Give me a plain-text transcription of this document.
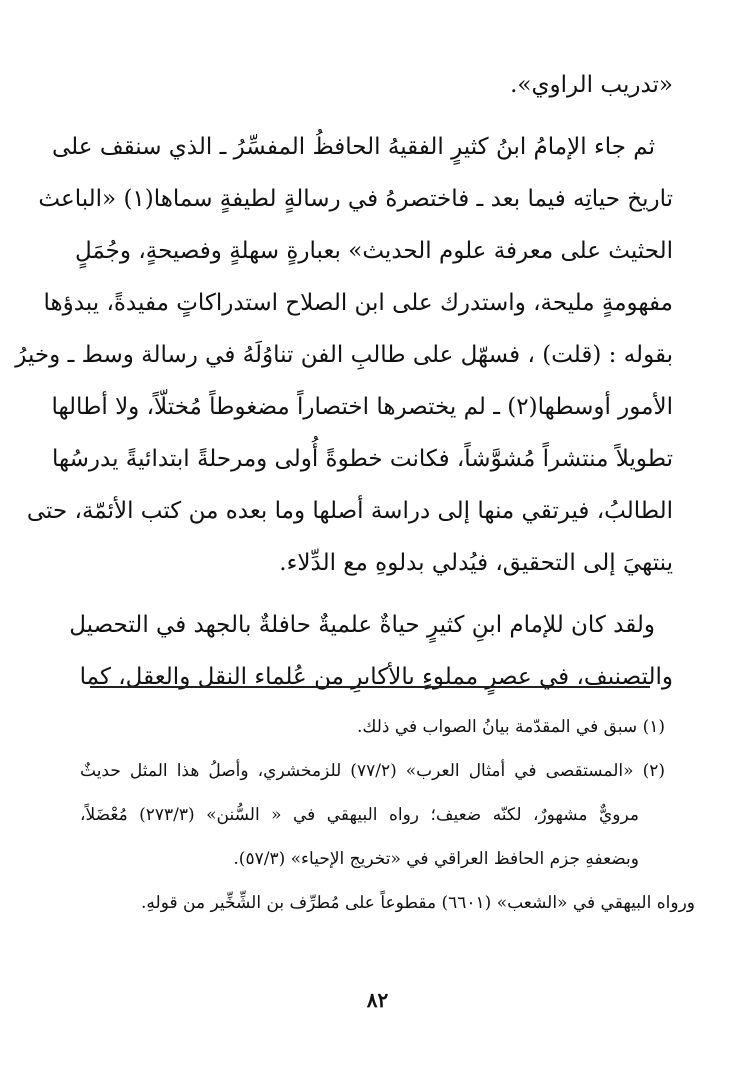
«تدريب الراوي».
ثم جاء الإمامُ ابنُ كثيرٍ الفقيهُ الحافظُ المفسِّرُ ـ الذي سنقف على
تاريخ حياتِه فيما بعد ـ فاختصرهُ في رسالةٍ لطيفةٍ سماها(١) «الباعث
الحثيث على معرفة علوم الحديث» بعبارةٍ سهلةٍ وفصيحةٍ، وجُمَلٍ
مفهومةٍ مليحة، واستدرك على ابن الصلاح استدراكاتٍ مفيدةً، يبدؤها
بقوله : (قلت) ، فسهّل على طالبِ الفن تناوُلَهُ في رسالة وسط ـ وخيرُ
الأمور أوسطها(٢) ـ لم يختصرها اختصاراً مضغوطاً مُختلّاً، ولا أطالها
تطويلاً منتشراً مُشوَّشاً، فكانت خطوةً أُولى ومرحلةً ابتدائيةً يدرسُها
الطالبُ، فيرتقي منها إلى دراسة أصلها وما بعده من كتب الأئمّة، حتى
ينتهيَ إلى التحقيق، فيُدلي بدلوهِ مع الدِّلاء.
ولقد كان للإمام ابنِ كثيرٍ حياةٌ علميةٌ حافلةٌ بالجهد في التحصيل
والتصنيف، في عصرٍ مملوءٍ بالأكابرِ من عُلماء النقل والعقل، كما
(١) سبق في المقدّمة بيانُ الصواب في ذلك.
(٢) «المستقصى في أمثال العرب» (٧٧/٢) للزمخشري، وأصلُ هذا المثل حديثٌ
مرويٌّ مشهورٌ، لكنّه ضعيف؛ رواه البيهقي في « السُّنن» (٢٧٣/٣) مُعْضَلاً،
وبضعفهِ جزم الحافظ العراقي في «تخريج الإحياء» (٥٧/٣).
ورواه البيهقي في «الشعب» (٦٦٠١) مقطوعاً على مُطرِّف بن الشِّخِّير من قولهِ.
٨٢
